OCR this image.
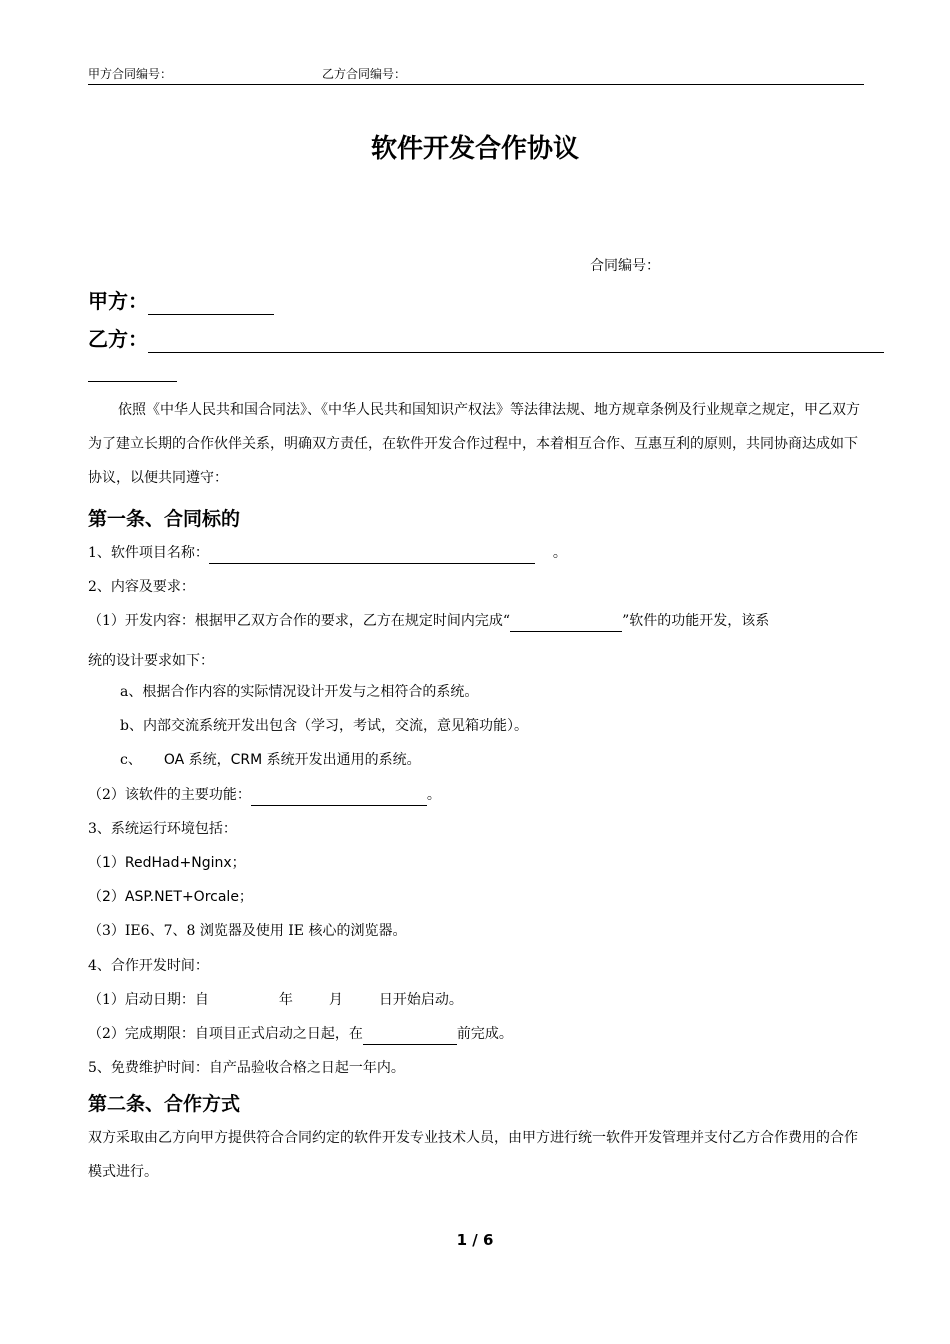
甲方合同编号：	乙方合同编号：
软件开发合作协议
合同编号：
甲方：
乙方：
依照《中华人民共和国合同法》、《中华人民共和国知识产权法》等法律法规、地方规章条例及行业规章之规定，甲乙双方为了建立长期的合作伙伴关系，明确双方责任，在软件开发合作过程中，本着相互合作、互惠互利的原则，共同协商达成如下协议，以便共同遵守：
第一条、合同标的
1、软件项目名称：	。
2、内容及要求：
（1）开发内容：根据甲乙双方合作的要求，乙方在规定时间内完成“	”软件的功能开发，该系
统的设计要求如下：
a、根据合作内容的实际情况设计开发与之相符合的系统。
b、内部交流系统开发出包含（学习，考试，交流，意见箱功能）。
c、 OA 系统，CRM 系统开发出通用的系统。
（2）该软件的主要功能：	。
3、系统运行环境包括：
（1）RedHad+Nginx；
（2）ASP.NET+Orcale；
（3）IE6、7、8 浏览器及使用 IE 核心的浏览器。
4、合作开发时间：
（1）启动日期：自	年	月	日开始启动。
（2）完成期限：自项目正式启动之日起，在	前完成。
5、免费维护时间：自产品验收合格之日起一年内。
第二条、合作方式
双方采取由乙方向甲方提供符合合同约定的软件开发专业技术人员，由甲方进行统一软件开发管理并支付乙方合作费用的合作模式进行。
1 / 6
